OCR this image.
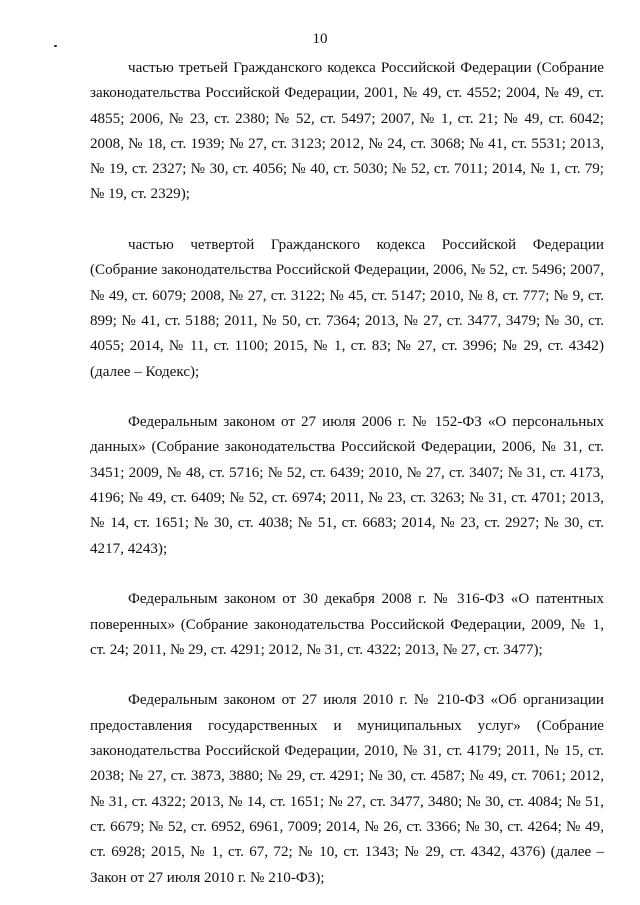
10

частью третьей Гражданского кодекса Российской Федерации (Собрание законодательства Российской Федерации, 2001, № 49, ст. 4552; 2004, № 49, ст. 4855; 2006, № 23, ст. 2380; № 52, ст. 5497; 2007, № 1, ст. 21; № 49, ст. 6042; 2008, № 18, ст. 1939; № 27, ст. 3123; 2012, № 24, ст. 3068; № 41, ст. 5531; 2013, № 19, ст. 2327; № 30, ст. 4056; № 40, ст. 5030; № 52, ст. 7011; 2014, № 1, ст. 79; № 19, ст. 2329);

частью четвертой Гражданского кодекса Российской Федерации (Собрание законодательства Российской Федерации, 2006, № 52, ст. 5496; 2007, № 49, ст. 6079; 2008, № 27, ст. 3122; № 45, ст. 5147; 2010, № 8, ст. 777; № 9, ст. 899; № 41, ст. 5188; 2011, № 50, ст. 7364; 2013, № 27, ст. 3477, 3479; № 30, ст. 4055; 2014, № 11, ст. 1100; 2015, № 1, ст. 83; № 27, ст. 3996; № 29, ст. 4342) (далее – Кодекс);

Федеральным законом от 27 июля 2006 г. № 152-ФЗ «О персональных данных» (Собрание законодательства Российской Федерации, 2006, № 31, ст. 3451; 2009, № 48, ст. 5716; № 52, ст. 6439; 2010, № 27, ст. 3407; № 31, ст. 4173, 4196; № 49, ст. 6409; № 52, ст. 6974; 2011, № 23, ст. 3263; № 31, ст. 4701; 2013, № 14, ст. 1651; № 30, ст. 4038; № 51, ст. 6683; 2014, № 23, ст. 2927; № 30, ст. 4217, 4243);

Федеральным законом от 30 декабря 2008 г. № 316-ФЗ «О патентных поверенных» (Собрание законодательства Российской Федерации, 2009, № 1, ст. 24; 2011, № 29, ст. 4291; 2012, № 31, ст. 4322; 2013, № 27, ст. 3477);

Федеральным законом от 27 июля 2010 г. № 210-ФЗ «Об организации предоставления государственных и муниципальных услуг» (Собрание законодательства Российской Федерации, 2010, № 31, ст. 4179; 2011, № 15, ст. 2038; № 27, ст. 3873, 3880; № 29, ст. 4291; № 30, ст. 4587; № 49, ст. 7061; 2012, № 31, ст. 4322; 2013, № 14, ст. 1651; № 27, ст. 3477, 3480; № 30, ст. 4084; № 51, ст. 6679; № 52, ст. 6952, 6961, 7009; 2014, № 26, ст. 3366; № 30, ст. 4264; № 49, ст. 6928; 2015, № 1, ст. 67, 72; № 10, ст. 1343; № 29, ст. 4342, 4376) (далее – Закон от 27 июля 2010 г. № 210-ФЗ);
